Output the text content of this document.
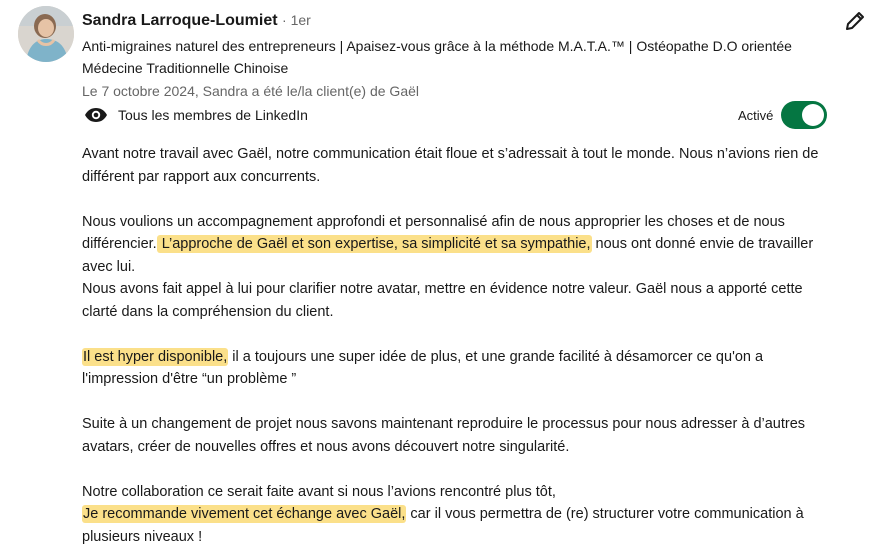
Sandra Larroque-Loumiet · 1er
Anti-migraines naturel des entrepreneurs | Apaisez-vous grâce à la méthode M.A.T.A.™ | Ostéopathe D.O orientée Médecine Traditionnelle Chinoise
Le 7 octobre 2024, Sandra a été le/la client(e) de Gaël
Tous les membres de LinkedIn	Activé

Avant notre travail avec Gaël, notre communication était floue et s’adressait à tout le monde. Nous n’avions rien de différent par rapport aux concurrents.

Nous voulions un accompagnement approfondi et personnalisé afin de nous approprier les choses et de nous différencier. L’approche de Gaël et son expertise, sa simplicité et sa sympathie, nous ont donné envie de travailler avec lui.

Nous avons fait appel à lui pour clarifier notre avatar, mettre en évidence notre valeur. Gaël nous a apporté cette clarté dans la compréhension du client.

Il est hyper disponible, il a toujours une super idée de plus, et une grande facilité à désamorcer ce qu'on a l'impression d'être “un problème ”

Suite à un changement de projet nous savons maintenant reproduire le processus pour nous adresser à d’autres avatars, créer de nouvelles offres et nous avons découvert notre singularité.

Notre collaboration ce serait faite avant si nous l’avions rencontré plus tôt,

Je recommande vivement cet échange avec Gaël, car il vous permettra de (re) structurer votre communication à plusieurs niveaux !
